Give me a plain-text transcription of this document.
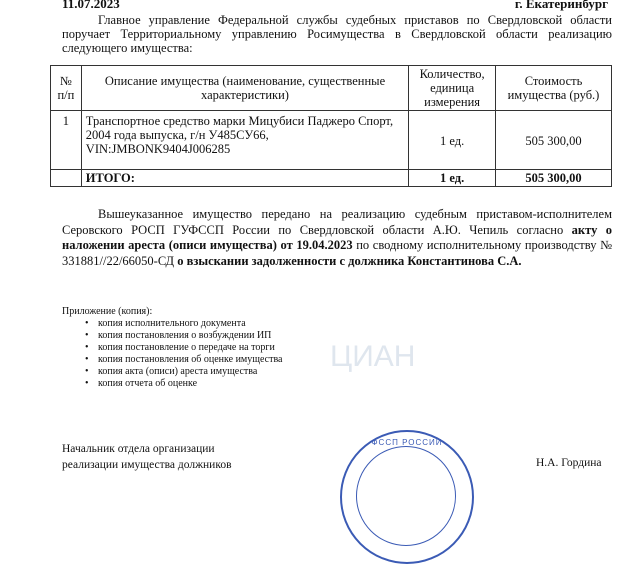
11.07.2023	г. Екатеринбург

Главное управление Федеральной службы судебных приставов по Свердловской области поручает Территориальному управлению Росимущества в Свердловской области реализацию следующего имущества:

№ п/п	Описание имущества (наименование, существенные характеристики)	Количество, единица измерения	Стоимость имущества (руб.)
1	Транспортное средство марки Мицубиси Паджеро Спорт, 2004 года выпуска, г/н У485СУ66, VIN:JMBONK9404J006285	1 ед.	505 300,00
	ИТОГО:	1 ед.	505 300,00

Вышеуказанное имущество передано на реализацию судебным приставом-исполнителем Серовского РОСП ГУФССП России по Свердловской области А.Ю. Чепиль согласно акту о наложении ареста (описи имущества) от 19.04.2023 по сводному исполнительному производству № 331881//22/66050-СД о взыскании задолженности с должника Константинова С.А.

Приложение (копия):
• копия исполнительного документа
• копия постановления о возбуждении ИП
• копия постановление о передаче на торги
• копия постановления об оценке имущества
• копия акта (описи) ареста имущества
• копия отчета об оценке
ЦИАН
Начальник отдела организации
реализации имущества должников
ФССП РОССИИ
Н.А. Гордина
